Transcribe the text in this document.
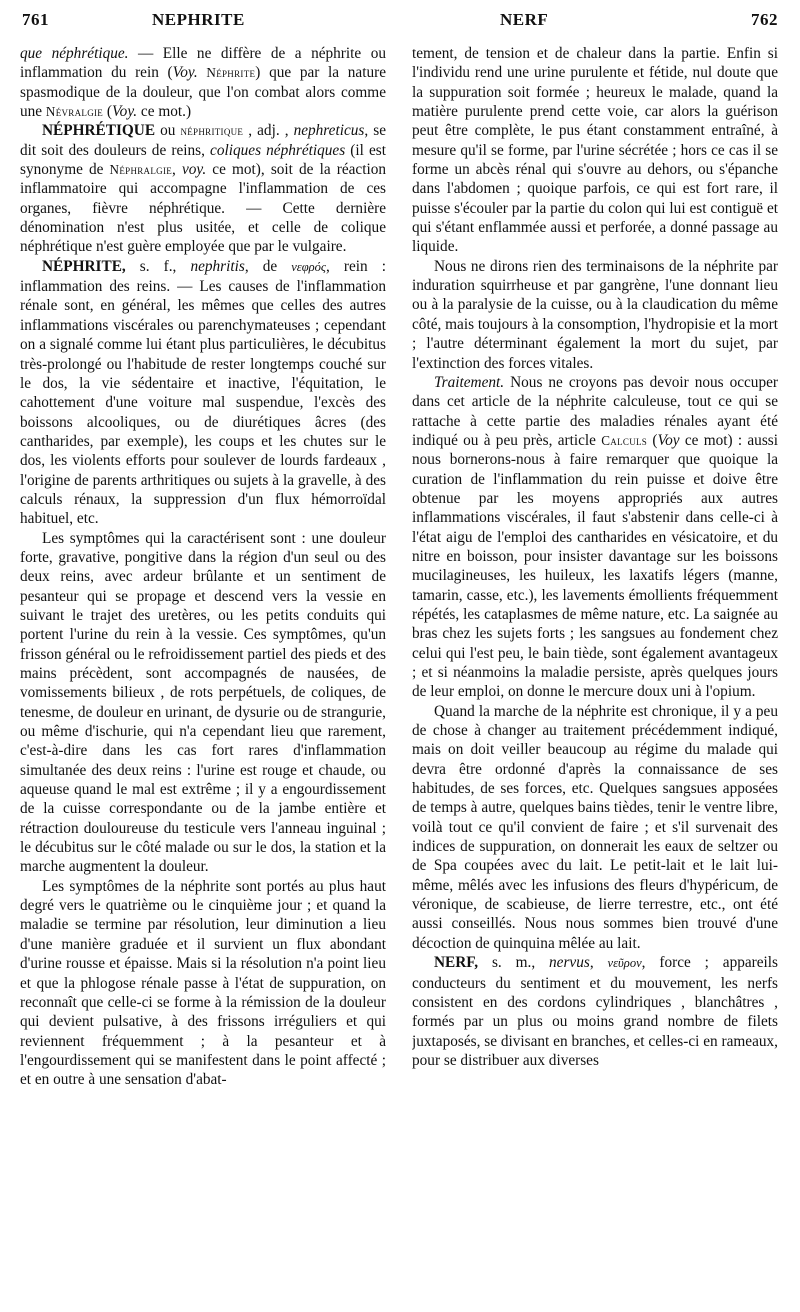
761	NEPHRITE	NERF	762

que néphrétique. — Elle ne diffère de a néphrite ou inflammation du rein (Voy. Néphrite) que par la nature spasmodique de la douleur, que l'on combat alors comme une Névralgie (Voy. ce mot.)

NÉPHRÉTIQUE ou néphritique , adj. , nephreticus, se dit soit des douleurs de reins, coliques néphrétiques (il est synonyme de Néphralgie, voy. ce mot), soit de la réaction inflammatoire qui accompagne l'inflammation de ces organes, fièvre néphrétique. — Cette dernière dénomination n'est plus usitée, et celle de colique néphrétique n'est guère employée que par le vulgaire.

NÉPHRITE, s. f., nephritis, de νεφρός, rein : inflammation des reins. — Les causes de l'inflammation rénale sont, en général, les mêmes que celles des autres inflammations viscérales ou parenchymateuses ; cependant on a signalé comme lui étant plus particulières, le décubitus très-prolongé ou l'habitude de rester longtemps couché sur le dos, la vie sédentaire et inactive, l'équitation, le cahottement d'une voiture mal suspendue, l'excès des boissons alcooliques, ou de diurétiques âcres (des cantharides, par exemple), les coups et les chutes sur le dos, les violents efforts pour soulever de lourds fardeaux , l'origine de parents arthritiques ou sujets à la gravelle, à des calculs rénaux, la suppression d'un flux hémorroïdal habituel, etc.

Les symptômes qui la caractérisent sont : une douleur forte, gravative, pongitive dans la région d'un seul ou des deux reins, avec ardeur brûlante et un sentiment de pesanteur qui se propage et descend vers la vessie en suivant le trajet des uretères, ou les petits conduits qui portent l'urine du rein à la vessie. Ces symptômes, qu'un frisson général ou le refroidissement partiel des pieds et des mains précèdent, sont accompagnés de nausées, de vomissements bilieux , de rots perpétuels, de coliques, de tenesme, de douleur en urinant, de dysurie ou de strangurie, ou même d'ischurie, qui n'a cependant lieu que rarement, c'est-à-dire dans les cas fort rares d'inflammation simultanée des deux reins : l'urine est rouge et chaude, ou aqueuse quand le mal est extrême ; il y a engourdissement de la cuisse correspondante ou de la jambe entière et rétraction douloureuse du testicule vers l'anneau inguinal ; le décubitus sur le côté malade ou sur le dos, la station et la marche augmentent la douleur.

Les symptômes de la néphrite sont portés au plus haut degré vers le quatrième ou le cinquième jour ; et quand la maladie se termine par résolution, leur diminution a lieu d'une manière graduée et il survient un flux abondant d'urine rousse et épaisse. Mais si la résolution n'a point lieu et que la phlogose rénale passe à l'état de suppuration, on reconnaît que celle-ci se forme à la rémission de la douleur qui devient pulsative, à des frissons irréguliers et qui reviennent fréquemment ; à la pesanteur et à l'engourdissement qui se manifestent dans le point affecté ; et en outre à une sensation d'abat-

tement, de tension et de chaleur dans la partie. Enfin si l'individu rend une urine purulente et fétide, nul doute que la suppuration soit formée ; heureux le malade, quand la matière purulente prend cette voie, car alors la guérison peut être complète, le pus étant constamment entraîné, à mesure qu'il se forme, par l'urine sécrétée ; hors ce cas il se forme un abcès rénal qui s'ouvre au dehors, ou s'épanche dans l'abdomen ; quoique parfois, ce qui est fort rare, il puisse s'écouler par la partie du colon qui lui est contiguë et qui s'étant enflammée aussi et perforée, a donné passage au liquide.

Nous ne dirons rien des terminaisons de la néphrite par induration squirrheuse et par gangrène, l'une donnant lieu ou à la paralysie de la cuisse, ou à la claudication du même côté, mais toujours à la consomption, l'hydropisie et la mort ; l'autre déterminant également la mort du sujet, par l'extinction des forces vitales.

Traitement. Nous ne croyons pas devoir nous occuper dans cet article de la néphrite calculeuse, tout ce qui se rattache à cette partie des maladies rénales ayant été indiqué ou à peu près, article Calculs (Voy ce mot) : aussi nous bornerons-nous à faire remarquer que quoique la curation de l'inflammation du rein puisse et doive être obtenue par les moyens appropriés aux autres inflammations viscérales, il faut s'abstenir dans celle-ci à l'état aigu de l'emploi des cantharides en vésicatoire, et du nitre en boisson, pour insister davantage sur les boissons mucilagineuses, les huileux, les laxatifs légers (manne, tamarin, casse, etc.), les lavements émollients fréquemment répétés, les cataplasmes de même nature, etc. La saignée au bras chez les sujets forts ; les sangsues au fondement chez celui qui l'est peu, le bain tiède, sont également avantageux ; et si néanmoins la maladie persiste, après quelques jours de leur emploi, on donne le mercure doux uni à l'opium.

Quand la marche de la néphrite est chronique, il y a peu de chose à changer au traitement précédemment indiqué, mais on doit veiller beaucoup au régime du malade qui devra être ordonné d'après la connaissance de ses habitudes, de ses forces, etc. Quelques sangsues apposées de temps à autre, quelques bains tièdes, tenir le ventre libre, voilà tout ce qu'il convient de faire ; et s'il survenait des indices de suppuration, on donnerait les eaux de seltzer ou de Spa coupées avec du lait. Le petit-lait et le lait lui-même, mêlés avec les infusions des fleurs d'hypéricum, de véronique, de scabieuse, de lierre terrestre, etc., ont été aussi conseillés. Nous nous sommes bien trouvé d'une décoction de quinquina mêlée au lait.

NERF, s. m., nervus, νεῦρον, force ; appareils conducteurs du sentiment et du mouvement, les nerfs consistent en des cordons cylindriques , blanchâtres , formés par un plus ou moins grand nombre de filets juxtaposés, se divisant en branches, et celles-ci en rameaux, pour se distribuer aux diverses
